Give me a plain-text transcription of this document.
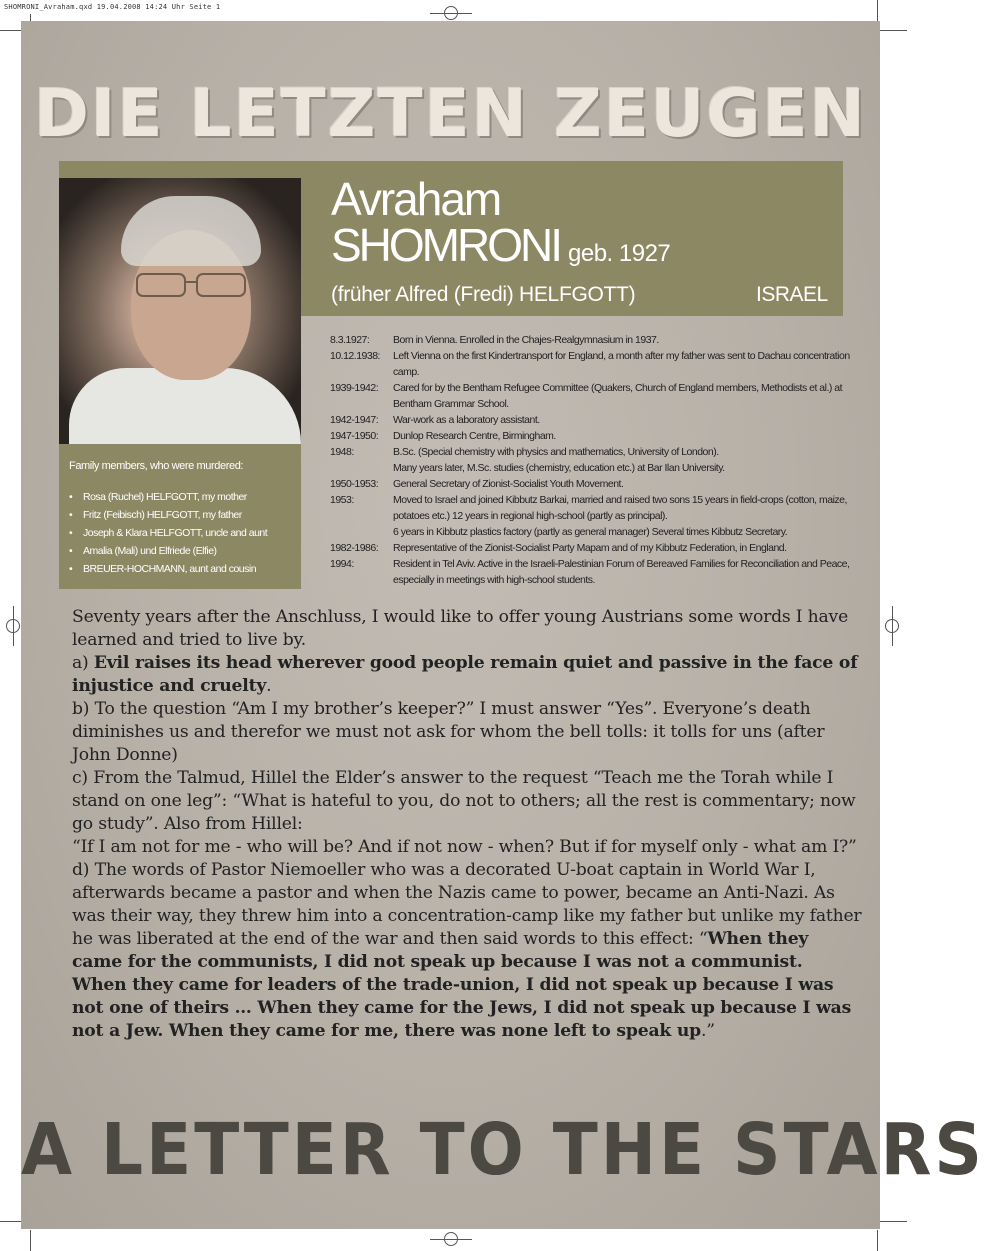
SHOMRONI_Avraham.qxd 19.04.2008 14:24 Uhr Seite 1
DIE LETZTEN ZEUGEN
Avraham
SHOMRONI geb. 1927
(früher Alfred (Fredi) HELFGOTT)	ISRAEL
Family members, who were murdered:
• Rosa (Ruchel) HELFGOTT, my mother
• Fritz (Feibisch) HELFGOTT, my father
• Joseph & Klara HELFGOTT, uncle and aunt
• Amalia (Mali) und Elfriede (Elfie)
• BREUER-HOCHMANN, aunt and cousin
8.3.1927:	Born in Vienna. Enrolled in the Chajes-Realgymnasium in 1937.
10.12.1938:	Left Vienna on the first Kindertransport for England, a month after my father was sent to Dachau concentration camp.
1939-1942:	Cared for by the Bentham Refugee Committee (Quakers, Church of England members, Methodists et al.) at Bentham Grammar School.
1942-1947:	War-work as a laboratory assistant.
1947-1950:	Dunlop Research Centre, Birmingham.
1948:	B.Sc. (Special chemistry with physics and mathematics, University of London).
Many years later, M.Sc. studies (chemistry, education etc.) at Bar Ilan University.
1950-1953:	General Secretary of Zionist-Socialist Youth Movement.
1953:	Moved to Israel and joined Kibbutz Barkai, married and raised two sons 15 years in field-crops (cotton, maize, potatoes etc.) 12 years in regional high-school (partly as principal).
6 years in Kibbutz plastics factory (partly as general manager) Several times Kibbutz Secretary.
1982-1986:	Representative of the Zionist-Socialist Party Mapam and of my Kibbutz Federation, in England.
1994:	Resident in Tel Aviv. Active in the Israeli-Palestinian Forum of Bereaved Families for Reconciliation and Peace, especially in meetings with high-school students.

Seventy years after the Anschluss, I would like to offer young Austrians some words I have learned and tried to live by.

a) Evil raises its head wherever good people remain quiet and passive in the face of injustice and cruelty.

b) To the question “Am I my brother’s keeper?” I must answer “Yes”. Everyone’s death diminishes us and therefor we must not ask for whom the bell tolls: it tolls for uns (after John Donne)

c) From the Talmud, Hillel the Elder’s answer to the request “Teach me the Torah while I stand on one leg”: “What is hateful to you, do not to others; all the rest is commentary; now go study”. Also from Hillel:

“If I am not for me - who will be? And if not now - when? But if for myself only - what am I?”

d) The words of Pastor Niemoeller who was a decorated U-boat captain in World War I, afterwards became a pastor and when the Nazis came to power, became an Anti-Nazi. As was their way, they threw him into a concentration-camp like my father but unlike my father he was liberated at the end of the war and then said words to this effect: “When they came for the communists, I did not speak up because I was not a communist. When they came for leaders of the trade-union, I did not speak up because I was not one of theirs … When they came for the Jews, I did not speak up because I was not a Jew. When they came for me, there was none left to speak up.”

A LETTER TO THE STARS
